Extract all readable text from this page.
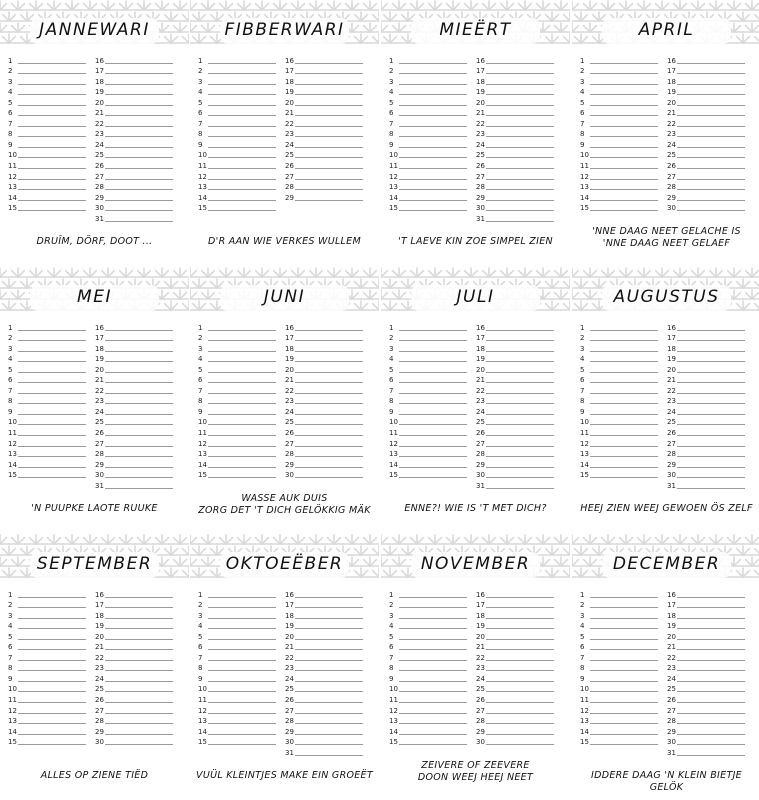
JANNEWARI
1
2
3
4
5
6
7
8
9
10
11
12
13
14
15
16
17
18
19
20
21
22
23
24
25
26
27
28
29
30
31
DRUÎM, DÖRF, DOOT ...
FIBBERWARI
1
2
3
4
5
6
7
8
9
10
11
12
13
14
15
16
17
18
19
20
21
22
23
24
25
26
27
28
29
D'R AAN WIE VERKES WULLEM
MIEËRT
1
2
3
4
5
6
7
8
9
10
11
12
13
14
15
16
17
18
19
20
21
22
23
24
25
26
27
28
29
30
31
'T LAEVE KIN ZOE SIMPEL ZIEN
APRIL
1
2
3
4
5
6
7
8
9
10
11
12
13
14
15
16
17
18
19
20
21
22
23
24
25
26
27
28
29
30
'NNE DAAG NEET GELACHE IS
'NNE DAAG NEET GELAEF
MEI
1
2
3
4
5
6
7
8
9
10
11
12
13
14
15
16
17
18
19
20
21
22
23
24
25
26
27
28
29
30
31
'N PUUPKE LAOTE RUUKE
JUNI
1
2
3
4
5
6
7
8
9
10
11
12
13
14
15
16
17
18
19
20
21
22
23
24
25
26
27
28
29
30
WASSE AUK DUIS
ZORG DET 'T DICH GELÖKKIG MÄK
JULI
1
2
3
4
5
6
7
8
9
10
11
12
13
14
15
16
17
18
19
20
21
22
23
24
25
26
27
28
29
30
31
ENNE?! WIE IS 'T MET DICH?
AUGUSTUS
1
2
3
4
5
6
7
8
9
10
11
12
13
14
15
16
17
18
19
20
21
22
23
24
25
26
27
28
29
30
31
HEEJ ZIEN WEEJ GEWOEN ÖS ZELF
SEPTEMBER
1
2
3
4
5
6
7
8
9
10
11
12
13
14
15
16
17
18
19
20
21
22
23
24
25
26
27
28
29
30
ALLES OP ZIENE TIËD
OKTOEËBER
1
2
3
4
5
6
7
8
9
10
11
12
13
14
15
16
17
18
19
20
21
22
23
24
25
26
27
28
29
30
31
VUÜL KLEINTJES MAKE EIN GROEËT
NOVEMBER
1
2
3
4
5
6
7
8
9
10
11
12
13
14
15
16
17
18
19
20
21
22
23
24
25
26
27
28
29
30
ZEIVERE OF ZEEVERE
DOON WEEJ HEEJ NEET
DECEMBER
1
2
3
4
5
6
7
8
9
10
11
12
13
14
15
16
17
18
19
20
21
22
23
24
25
26
27
28
29
30
31
IDDERE DAAG 'N KLEIN BIETJE GELÖK
